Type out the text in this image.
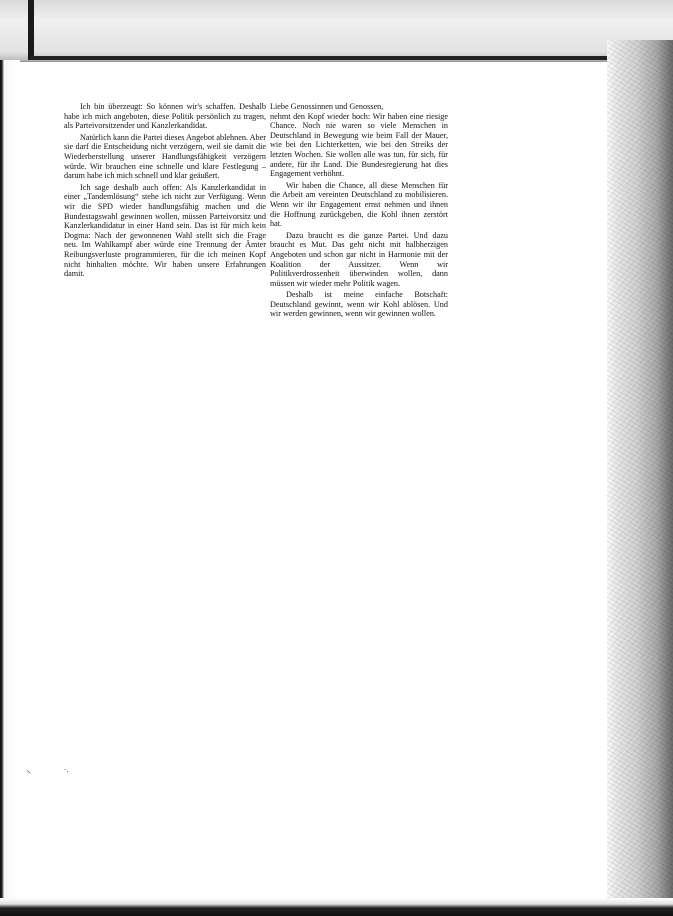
Ich bin überzeugt: So können wir's schaffen. Deshalb habe ich mich angeboten, diese Politik persönlich zu tragen, als Parteivorsitzender und Kanzlerkandidat.

Natürlich kann die Partei dieses Angebot ablehnen. Aber sie darf die Entscheidung nicht verzögern, weil sie damit die Wiederherstellung unserer Handlungsfähigkeit verzögern würde. Wir brauchen eine schnelle und klare Festlegung – darum habe ich mich schnell und klar geäußert.

Ich sage deshalb auch offen: Als Kanzlerkandidat in einer „Tandemlösung“ stehe ich nicht zur Verfügung. Wenn wir die SPD wieder handlungsfähig machen und die Bundestagswahl gewinnen wollen, müssen Parteivorsitz und Kanzlerkandidatur in einer Hand sein. Das ist für mich kein Dogma: Nach der gewonnenen Wahl stellt sich die Frage neu. Im Wahlkampf aber würde eine Trennung der Ämter Reibungsverluste programmieren, für die ich meinen Kopf nicht hinhalten möchte. Wir haben unsere Erfahrungen damit.

Liebe Genossinnen und Genossen,

nehmt den Kopf wieder hoch: Wir haben eine riesige Chance. Noch nie waren so viele Menschen in Deutschland in Bewegung wie beim Fall der Mauer, wie bei den Lichterketten, wie bei den Streiks der letzten Wochen. Sie wollen alle was tun, für sich, für andere, für ihr Land. Die Bundesregierung hat dies Engagement verhöhnt.

Wir haben die Chance, all diese Menschen für die Arbeit am vereinten Deutschland zu mobilisieren. Wenn wir ihr Engagement ernst nehmen und ihnen die Hoffnung zurückgeben, die Kohl ihnen zerstört hat.

Dazu braucht es die ganze Partei. Und dazu braucht es Mut. Das geht nicht mit halbherzigen Angeboten und schon gar nicht in Harmonie mit der Koalition der Aussitzer. Wenn wir Politikverdrossenheit überwinden wollen, dann müssen wir wieder mehr Politik wagen.

Deshalb ist meine einfache Botschaft: Deutschland gewinnt, wenn wir Kohl ablösen. Und wir werden gewinnen, wenn wir gewinnen wollen.

⸌	·.
